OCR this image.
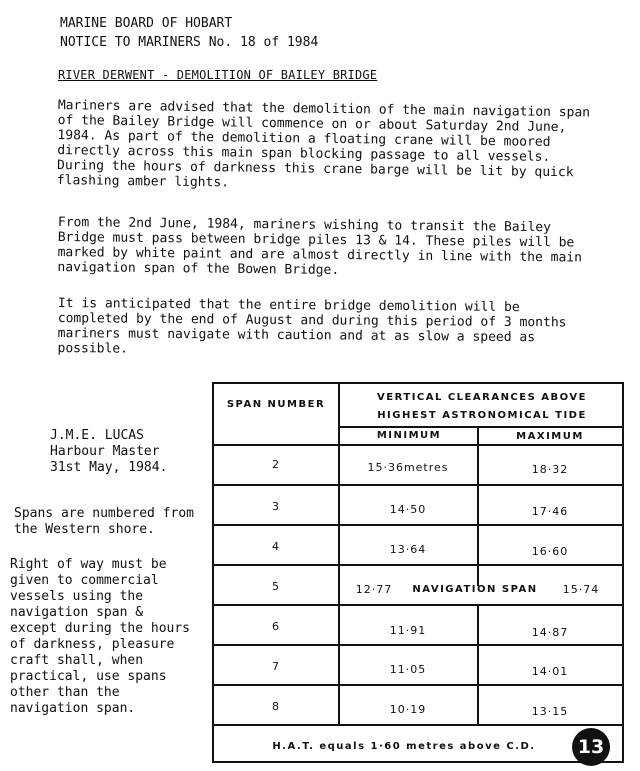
MARINE BOARD OF HOBART
NOTICE TO MARINERS No. 18 of 1984
RIVER DERWENT - DEMOLITION OF BAILEY BRIDGE
Mariners are advised that the demolition of the main navigation span of the Bailey Bridge will commence on or about Saturday 2nd June, 1984. As part of the demolition a floating crane will be moored directly across this main span blocking passage to all vessels. During the hours of darkness this crane barge will be lit by quick flashing amber lights.
From the 2nd June, 1984, mariners wishing to transit the Bailey Bridge must pass between bridge piles 13 & 14. These piles will be marked by white paint and are almost directly in line with the main navigation span of the Bowen Bridge.
It is anticipated that the entire bridge demolition will be completed by the end of August and during this period of 3 months mariners must navigate with caution and at as slow a speed as possible.
J.M.E. LUCAS
Harbour Master
31st May, 1984.
Spans are numbered from the Western shore.
Right of way must be given to commercial vessels using the navigation span & except during the hours of darkness, pleasure craft shall, when practical, use spans other than the navigation span.
SPAN NUMBER
VERTICAL CLEARANCES ABOVE
HIGHEST ASTRONOMICAL TIDE
MINIMUM	MAXIMUM
2	15·36metres	18·32
3	14·50	17·46
4	13·64	16·60
5	12·77	NAVIGATION SPAN	15·74
6	11·91	14·87
7	11·05	14·01
8	10·19	13·15
H.A.T. equals 1·60 metres above C.D.	13
